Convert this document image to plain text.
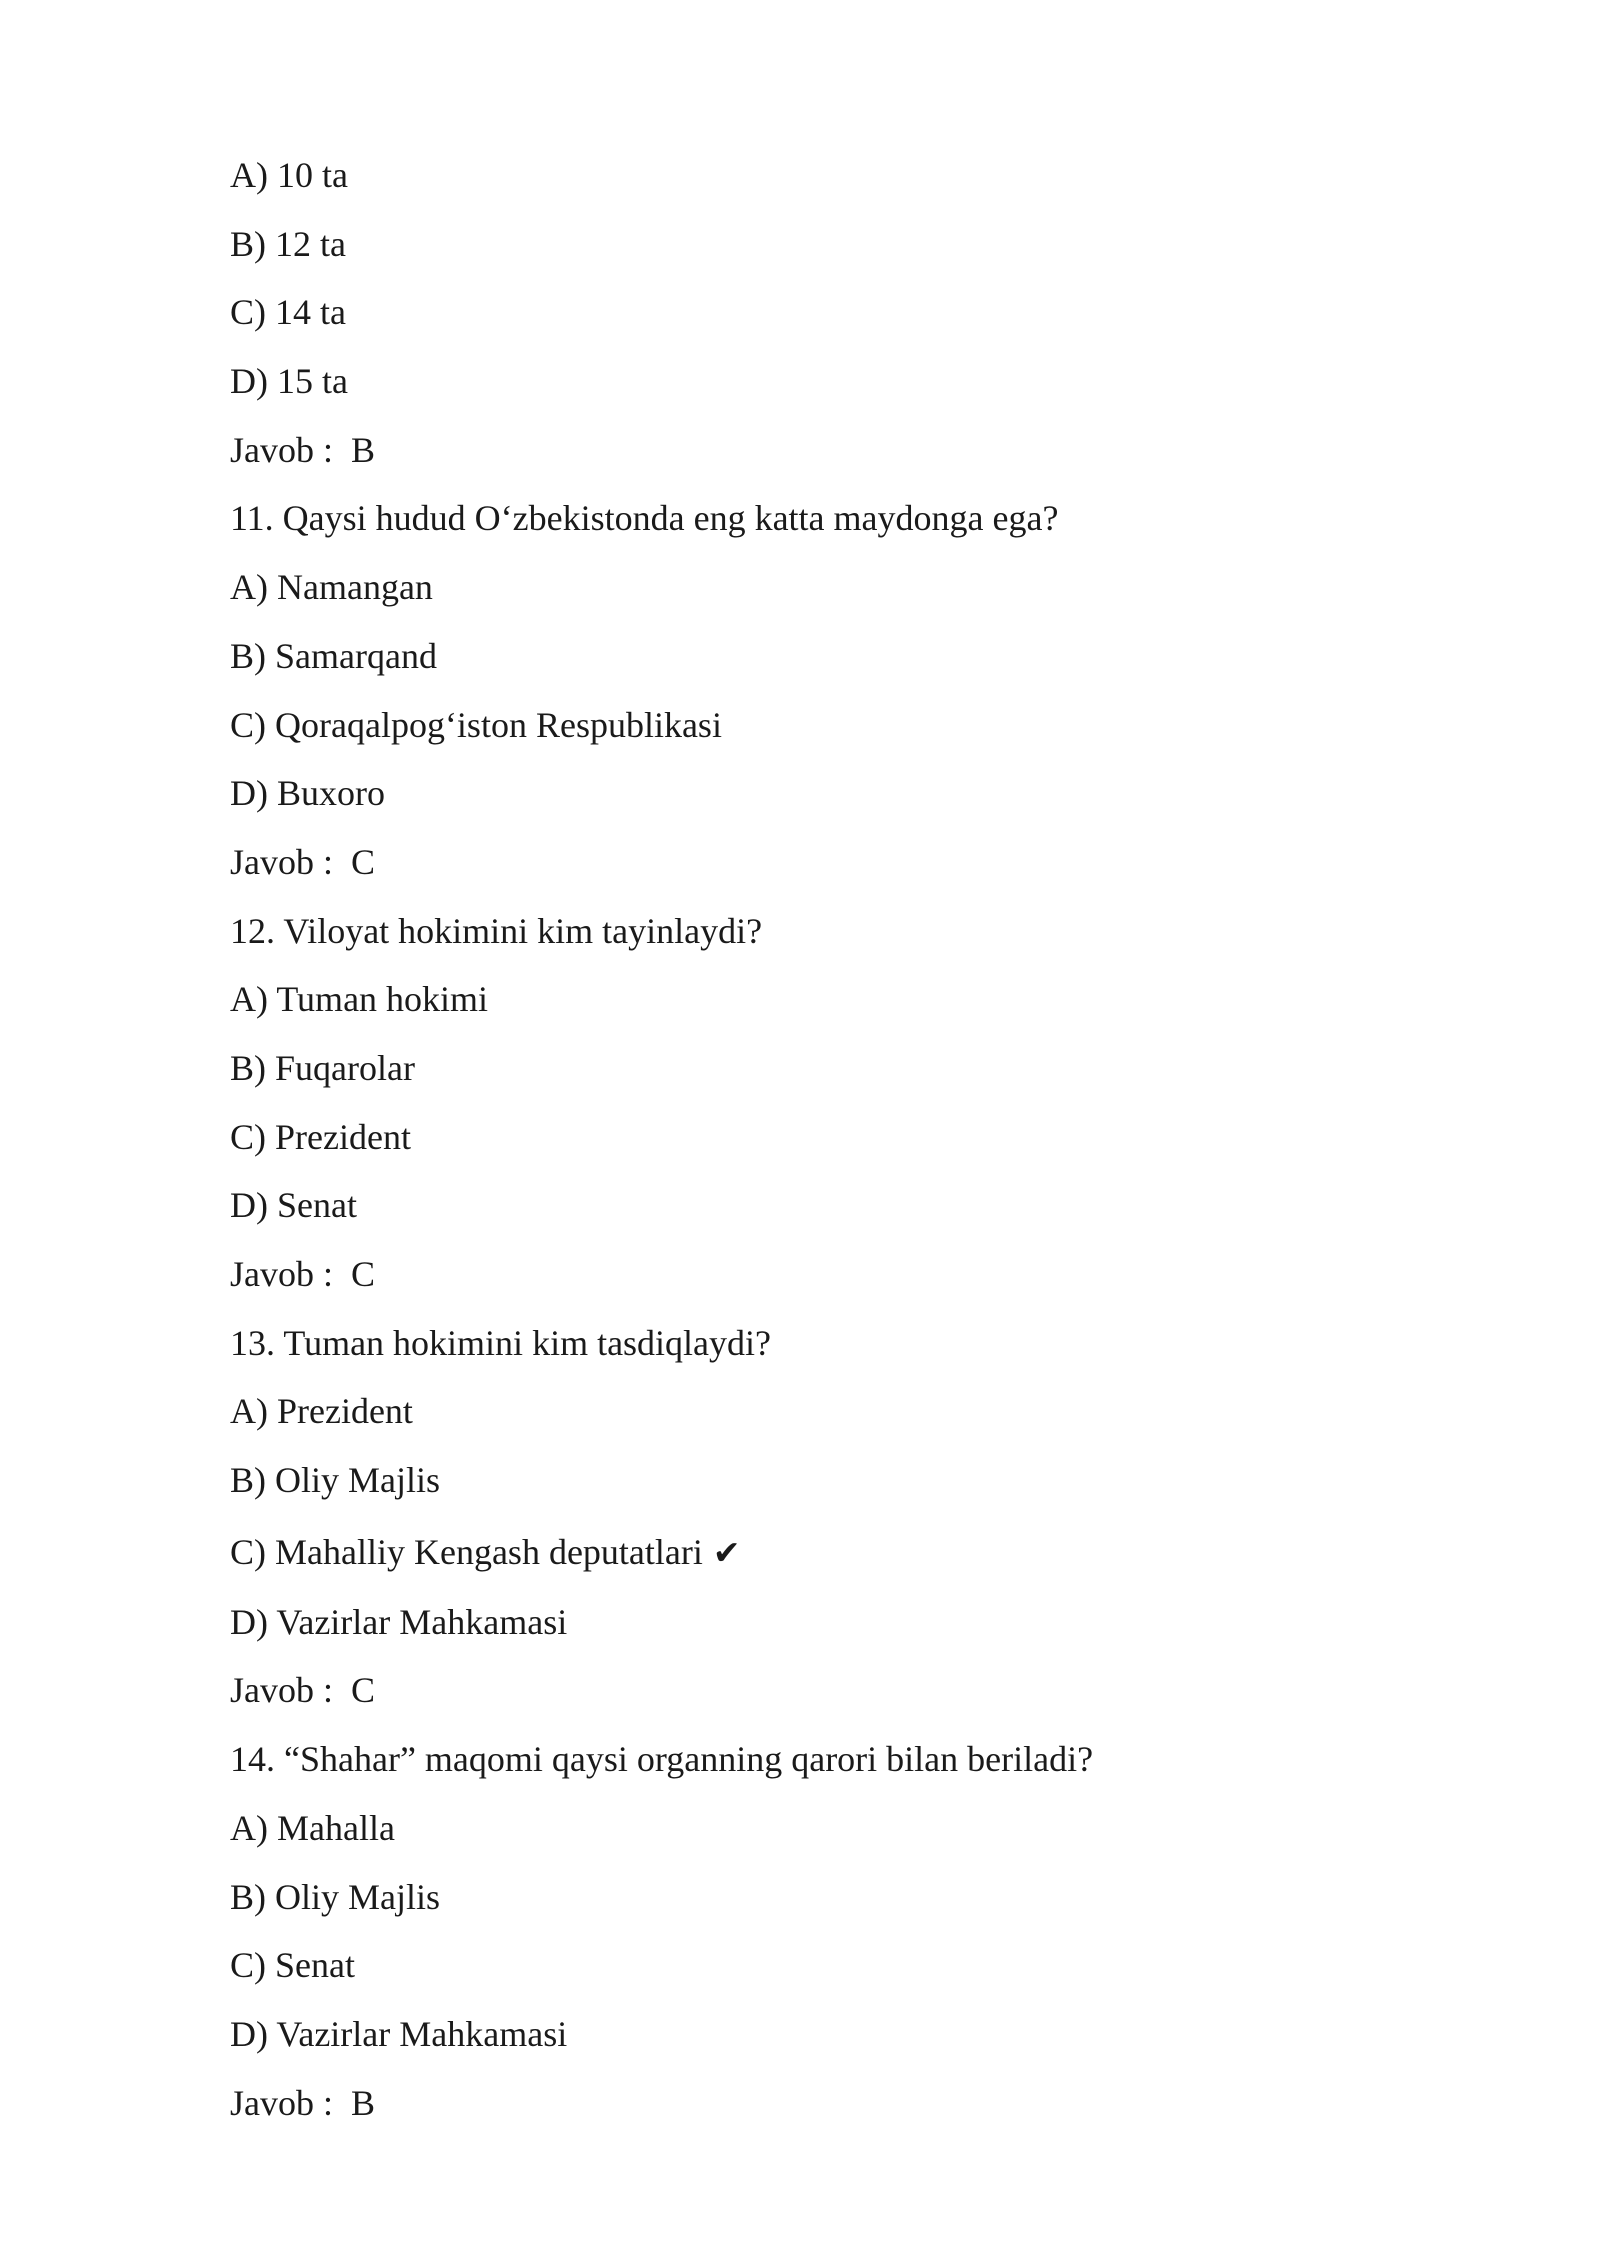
A) 10 ta
B) 12 ta
C) 14 ta
D) 15 ta
Javob :  B
11. Qaysi hudud O‘zbekistonda eng katta maydonga ega?
A) Namangan
B) Samarqand
C) Qoraqalpog‘iston Respublikasi
D) Buxoro
Javob :  C
12. Viloyat hokimini kim tayinlaydi?
A) Tuman hokimi
B) Fuqarolar
C) Prezident
D) Senat
Javob :  C
13. Tuman hokimini kim tasdiqlaydi?
A) Prezident
B) Oliy Majlis
C) Mahalliy Kengash deputatlari ✔
D) Vazirlar Mahkamasi
Javob :  C
14. “Shahar” maqomi qaysi organning qarori bilan beriladi?
A) Mahalla
B) Oliy Majlis
C) Senat
D) Vazirlar Mahkamasi
Javob :  B
